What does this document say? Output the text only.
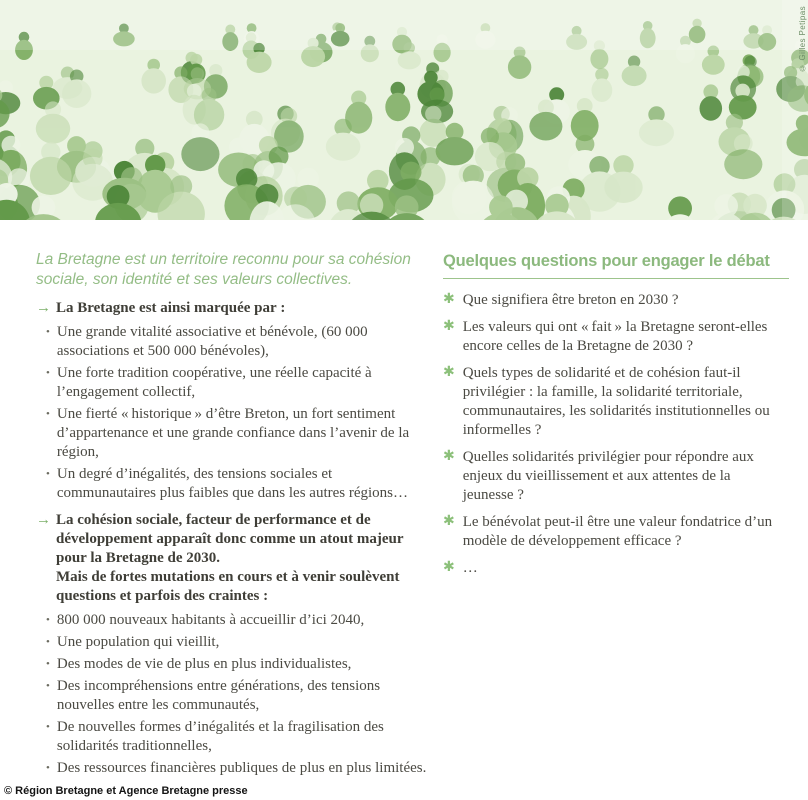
© Gilles Petipas

La Bretagne est un territoire reconnu pour sa cohésion sociale, son identité et ses valeurs collectives.

→ La Bretagne est ainsi marquée par :
• Une grande vitalité associative et bénévole, (60 000 associations et 500 000 bénévoles),
• Une forte tradition coopérative, une réelle capacité à l’engagement collectif,
• Une fierté « historique » d’être Breton, un fort sentiment d’appartenance et une grande confiance dans l’avenir de la région,
• Un degré d’inégalités, des tensions sociales et communautaires plus faibles que dans les autres régions…
→ La cohésion sociale, facteur de performance et de développement apparaît donc comme un atout majeur pour la Bretagne de 2030.
Mais de fortes mutations en cours et à venir soulèvent questions et parfois des craintes :
• 800 000 nouveaux habitants à accueillir d’ici 2040,
• Une population qui vieillit,
• Des modes de vie de plus en plus individualistes,
• Des incompréhensions entre générations, des tensions nouvelles entre les communautés,
• De nouvelles formes d’inégalités et la fragilisation des solidarités traditionnelles,
• Des ressources financières publiques de plus en plus limitées.
Quelques questions pour engager le débat
✱ Que signifiera être breton en 2030 ?
✱ Les valeurs qui ont « fait » la Bretagne seront-elles encore celles de la Bretagne de 2030 ?
✱ Quels types de solidarité et de cohésion faut-il privilégier : la famille, la solidarité territoriale, communautaires, les solidarités institutionnelles ou informelles ?
✱ Quelles solidarités privilégier pour répondre aux enjeux du vieillissement et aux attentes de la jeunesse ?
✱ Le bénévolat peut-il être une valeur fondatrice d’un modèle de développement efficace ?
✱ …
© Région Bretagne et Agence Bretagne presse
